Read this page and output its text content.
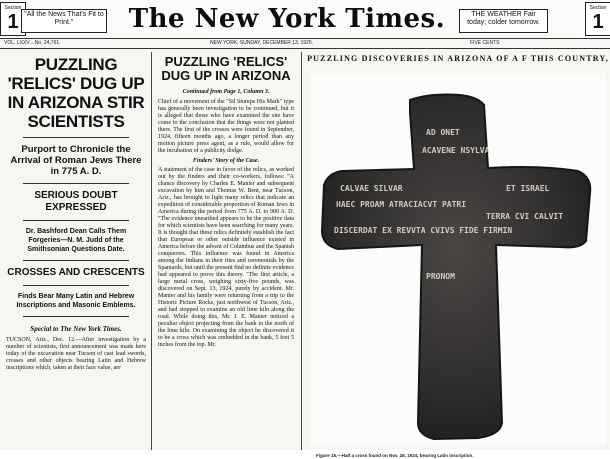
Section
1 "All the News That's Fit to Print."	The New York Times.	THE WEATHER Fair today; colder tomorrow.
Section
1
VOL. LXXV....No. 24,761.	NEW YORK, SUNDAY, DECEMBER 13, 1925.	FIVE CENTS

PUZZLING 'RELICS' DUG UP IN ARIZONA STIR SCIENTISTS

Purport to Chronicle the Arrival of Roman Jews There in 775 A. D.

SERIOUS DOUBT EXPRESSED

Dr. Bashford Dean Calls Them Forgeries—N. M. Judd of the Smithsonian Questions Date.

CROSSES AND CRESCENTS

Finds Bear Many Latin and Hebrew Inscriptions and Masonic Emblems.

Special to The New York Times.

TUCSON, Ariz., Dec. 12.—After investigation by a number of scientists, first announcement was made here today of the excavation near Tucson of cast lead swords, crosses and other objects bearing Latin and Hebrew inscriptions which, taken at their face value, are

PUZZLING 'RELICS' DUG UP IN ARIZONA

Continued from Page 1, Column 3.

Chief of a movement of the "Sil Stumps His Mark" type has generally been investigation to be continued, but it is alleged that those who have examined the site have come to the conclusion that the things were not planted there. The first of the crosses were found in September, 1924, fifteen months ago, a longer period than any motion picture press agent, as a rule, would allow for the incubation of a publicity dodge.

Finders' Story of the Case.

A statement of the case in favor of the relics, as worked out by the finders and their co-workers, follows: "A chance discovery by Charles E. Manier and subsequent excavation by him and Thomas W. Bent, near Tucson, Ariz., has brought to light many relics that indicate an expedition of considerable proportion of Roman Jews in America during the period from 775 A. D. to 900 A. D. "The evidence unearthed appears to be the positive data for which scientists have been searching for many years. It is thought that these relics definitely establish the fact that European or other outside influence existed in America before the advent of Columbus and the Spanish conquerors. This influence was found in America among the Indians in their rites and ceremonials by the Spaniards, but until the present find no definite evidence had appeared to prove this theory. "The first article, a large metal cross, weighing sixty-five pounds, was discovered on Sept. 13, 1924, purely by accident. Mr. Manier and his family were returning from a trip to the Historic Picture Rocks, just northwest of Tucson, Ariz., and had stopped to examine an old lime kiln along the road. While doing this, Mr. J. E. Manier noticed a peculiar object projecting from the bank to the north of the lime kiln. On examining the object he discovered it to be a cross which was embedded in the bank, 5 feet 5 inches from the top. Mr.

PUZZLING DISCOVERIES IN ARIZONA OF A F THIS COUNTRY,

CALVAE SILVAR
AD ONET
ACAVENE NSYLVA
ET ISRAEL
HAEC PROAM ATRACIACVT PATRI
TERRA CVI CALVIT
DISCERDAT EX REVVTA CVIVS FIDE FIRMIN
PRONOM
Figure 15.—Half a cross found on Nov. 28, 1924, bearing Latin inscription.
